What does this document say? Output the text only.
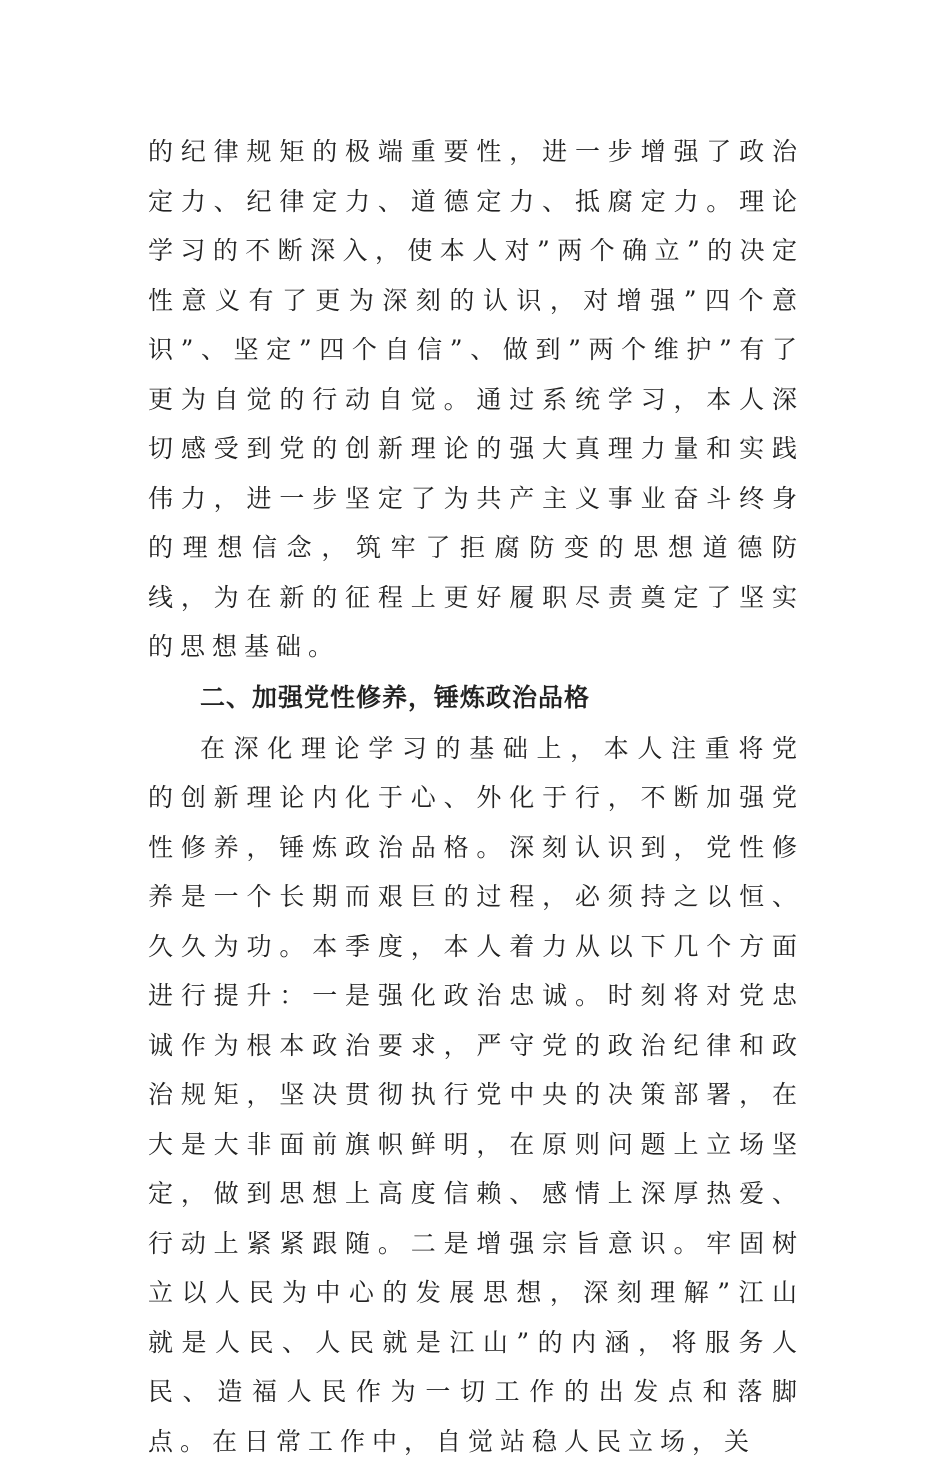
的纪律规矩的极端重要性，进一步增强了政治定力、纪律定力、道德定力、抵腐定力。理论学习的不断深入，使本人对”两个确立”的决定性意义有了更为深刻的认识，对增强”四个意识”、坚定”四个自信”、做到”两个维护”有了更为自觉的行动自觉。通过系统学习，本人深切感受到党的创新理论的强大真理力量和实践伟力，进一步坚定了为共产主义事业奋斗终身的理想信念，筑牢了拒腐防变的思想道德防线，为在新的征程上更好履职尽责奠定了坚实的思想基础。

二、加强党性修养，锤炼政治品格

在深化理论学习的基础上，本人注重将党的创新理论内化于心、外化于行，不断加强党性修养，锤炼政治品格。深刻认识到，党性修养是一个长期而艰巨的过程，必须持之以恒、久久为功。本季度，本人着力从以下几个方面进行提升：一是强化政治忠诚。时刻将对党忠诚作为根本政治要求，严守党的政治纪律和政治规矩，坚决贯彻执行党中央的决策部署，在大是大非面前旗帜鲜明，在原则问题上立场坚定，做到思想上高度信赖、感情上深厚热爱、行动上紧紧跟随。二是增强宗旨意识。牢固树立以人民为中心的发展思想，深刻理解”江山就是人民、人民就是江山”的内涵，将服务人民、造福人民作为一切工作的出发点和落脚点。在日常工作中，自觉站稳人民立场，关
